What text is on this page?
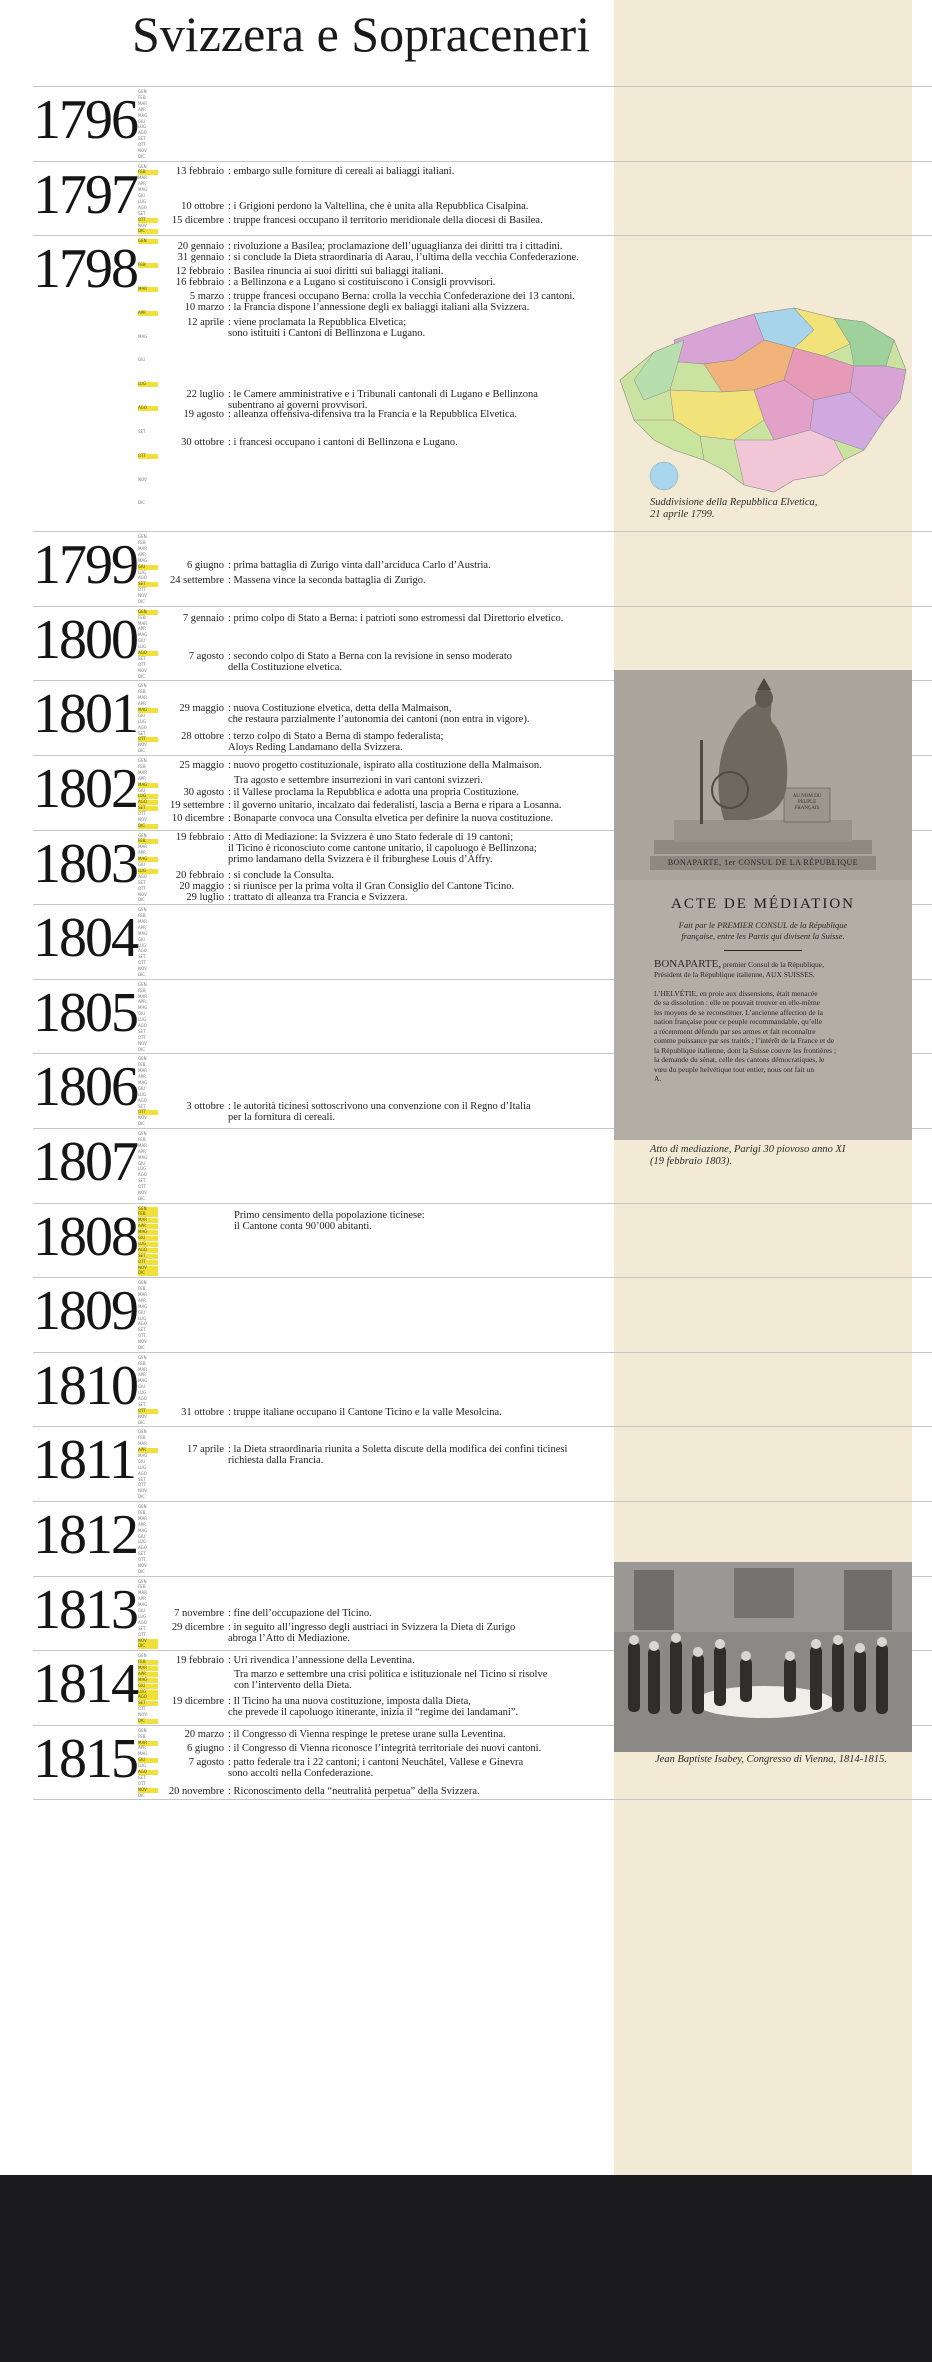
Svizzera e Sopraceneri
1796 GEN
FEB
MAR
APR
MAG
GIU
LUG
AGO
SET
OTT
NOV
DIC
1797 GEN
FEB
MAR
APR
MAG
GIU
LUG
AGO
SET
OTT
NOV
DIC
13 febbraio : embargo sulle forniture di cereali ai baliaggi italiani.
10 ottobre : i Grigioni perdono la Valtellina, che è unita alla Repubblica Cisalpina.
15 dicembre : truppe francesi occupano il territorio meridionale della diocesi di Basilea.
1798 GEN
FEB
MAR
APR
MAG
GIU
LUG
AGO
SET
OTT
NOV
DIC
20 gennaio : rivoluzione a Basilea; proclamazione dell’uguaglianza dei diritti tra i cittadini.
31 gennaio : si conclude la Dieta straordinaria di Aarau, l’ultima della vecchia Confederazione.
12 febbraio : Basilea rinuncia ai suoi diritti sui baliaggi italiani.
16 febbraio : a Bellinzona e a Lugano si costituiscono i Consigli provvisori.
5 marzo : truppe francesi occupano Berna: crolla la vecchia Confederazione dei 13 cantoni.
10 marzo : la Francia dispone l’annessione degli ex baliaggi italiani alla Svizzera.
12 aprile : viene proclamata la Repubblica Elvetica;
sono istituiti i Cantoni di Bellinzona e Lugano.
22 luglio : le Camere amministrative e i Tribunali cantonali di Lugano e Bellinzona
subentrano ai governi provvisori.
19 agosto : alleanza offensiva-difensiva tra la Francia e la Repubblica Elvetica.
30 ottobre : i francesi occupano i cantoni di Bellinzona e Lugano.
1799 GEN
FEB
MAR
APR
MAG
GIU
LUG
AGO
SET
OTT
NOV
DIC
6 giugno : prima battaglia di Zurigo vinta dall’arciduca Carlo d’Austria.
24 settembre : Massena vince la seconda battaglia di Zurigo.
1800 GEN
FEB
MAR
APR
MAG
GIU
LUG
AGO
SET
OTT
NOV
DIC
7 gennaio : primo colpo di Stato a Berna: i patrioti sono estromessi dal Direttorio elvetico.
7 agosto : secondo colpo di Stato a Berna con la revisione in senso moderato
della Costituzione elvetica.
1801 GEN
FEB
MAR
APR
MAG
GIU
LUG
AGO
SET
OTT
NOV
DIC
29 maggio : nuova Costituzione elvetica, detta della Malmaison,
che restaura parzialmente l’autonomia dei cantoni (non entra in vigore).
28 ottobre : terzo colpo di Stato a Berna di stampo federalista;
Aloys Reding Landamano della Svizzera.
1802 GEN
FEB
MAR
APR
MAG
GIU
LUG
AGO
SET
OTT
NOV
DIC
25 maggio : nuovo progetto costituzionale, ispirato alla costituzione della Malmaison.
Tra agosto e settembre insurrezioni in vari cantoni svizzeri.
30 agosto : il Vallese proclama la Repubblica e adotta una propria Costituzione.
19 settembre : il governo unitario, incalzato dai federalisti, lascia a Berna e ripara a Losanna.
10 dicembre : Bonaparte convoca una Consulta elvetica per definire la nuova costituzione.
1803 GEN
FEB
MAR
APR
MAG
GIU
LUG
AGO
SET
OTT
NOV
DIC
19 febbraio : Atto di Mediazione: la Svizzera è uno Stato federale di 19 cantoni;
il Ticino è riconosciuto come cantone unitario, il capoluogo è Bellinzona;
primo landamano della Svizzera è il friburghese Louis d’Affry.
20 febbraio : si conclude la Consulta.
20 maggio : si riunisce per la prima volta il Gran Consiglio del Cantone Ticino.
29 luglio : trattato di alleanza tra Francia e Svizzera.
1804 GEN
FEB
MAR
APR
MAG
GIU
LUG
AGO
SET
OTT
NOV
DIC
1805 GEN
FEB
MAR
APR
MAG
GIU
LUG
AGO
SET
OTT
NOV
DIC
1806 GEN
FEB
MAR
APR
MAG
GIU
LUG
AGO
SET
OTT
NOV
DIC
3 ottobre : le autorità ticinesi sottoscrivono una convenzione con il Regno d’Italia
per la fornitura di cereali.
1807 GEN
FEB
MAR
APR
MAG
GIU
LUG
AGO
SET
OTT
NOV
DIC
1808 GEN
FEB
MAR
APR
MAG
GIU
LUG
AGO
SET
OTT
NOV
DIC
Primo censimento della popolazione ticinese:
il Cantone conta 90’000 abitanti.
1809 GEN
FEB
MAR
APR
MAG
GIU
LUG
AGO
SET
OTT
NOV
DIC
1810 GEN
FEB
MAR
APR
MAG
GIU
LUG
AGO
SET
OTT
NOV
DIC
31 ottobre : truppe italiane occupano il Cantone Ticino e la valle Mesolcina.
1811 GEN
FEB
MAR
APR
MAG
GIU
LUG
AGO
SET
OTT
NOV
DIC
17 aprile : la Dieta straordinaria riunita a Soletta discute della modifica dei confini ticinesi
richiesta dalla Francia.
1812 GEN
FEB
MAR
APR
MAG
GIU
LUG
AGO
SET
OTT
NOV
DIC
1813 GEN
FEB
MAR
APR
MAG
GIU
LUG
AGO
SET
OTT
NOV
DIC
7 novembre : fine dell’occupazione del Ticino.
29 dicembre : in seguito all’ingresso degli austriaci in Svizzera la Dieta di Zurigo
abroga l’Atto di Mediazione.
1814 GEN
FEB
MAR
APR
MAG
GIU
LUG
AGO
SET
OTT
NOV
DIC
19 febbraio : Uri rivendica l’annessione della Leventina.
Tra marzo e settembre una crisi politica e istituzionale nel Ticino si risolve
con l’intervento della Dieta.
19 dicembre : Il Ticino ha una nuova costituzione, imposta dalla Dieta,
che prevede il capoluogo itinerante, inizia il “regime dei landamani”.
1815 GEN
FEB
MAR
APR
MAG
GIU
LUG
AGO
SET
OTT
NOV
DIC
20 marzo : il Congresso di Vienna respinge le pretese urane sulla Leventina.
6 giugno : il Congresso di Vienna riconosce l’integrità territoriale dei nuovi cantoni.
7 agosto : patto federale tra i 22 cantoni; i cantoni Neuchâtel, Vallese e Ginevra
sono accolti nella Confederazione.
20 novembre : Riconoscimento della “neutralità perpetua” della Svizzera.
Suddivisione della Repubblica Elvetica,
21 aprile 1799.
AU NOM DU PEUPLE FRANÇAIS
BONAPARTE, 1er CONSUL DE LA RÉPUBLIQUE
ACTE DE MÉDIATION
Fait par le PREMIER CONSUL de la République
française, entre les Partis qui divisent la Suisse.
BONAPARTE, premier Consul de la République,
Président de la République italienne, AUX SUISSES.

L’HELVÉTIE, en proie aux dissensions, était menacée
de sa dissolution : elle ne pouvait trouver en elle-même
les moyens de se reconstituer. L’ancienne affection de la
nation française pour ce peuple recommandable, qu’elle
a récemment défendu par ses armes et fait reconnaître
comme puissance par ses traités ; l’intérêt de la France et de
la République italienne, dont la Suisse couvre les frontières ;
la demande du sénat, celle des cantons démocratiques, le
vœu du peuple helvétique tout entier, nous ont fait un
A.
Atto di mediazione, Parigi 30 piovoso anno XI
(19 febbraio 1803).
Jean Baptiste Isabey, Congresso di Vienna, 1814-1815.
